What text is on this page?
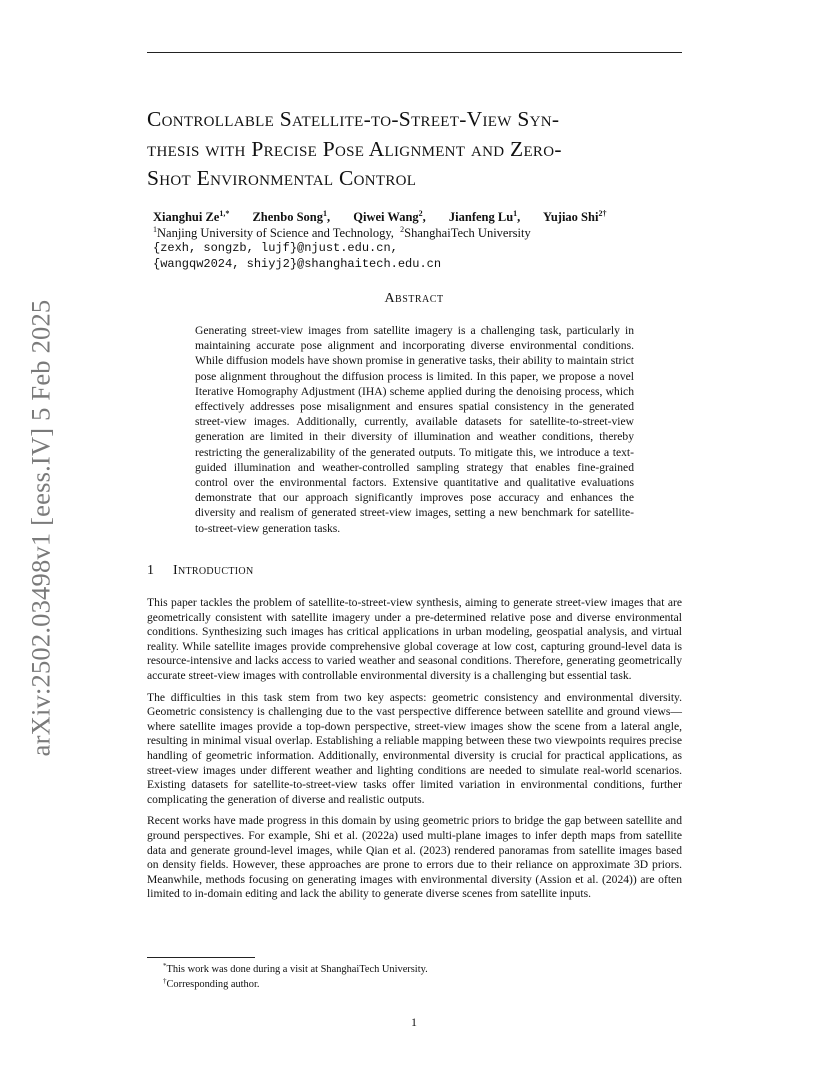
arXiv:2502.03498v1 [eess.IV] 5 Feb 2025
Controllable Satellite-to-Street-View Syn-
thesis with Precise Pose Alignment and Zero-
Shot Environmental Control
Xianghui $Ze^{1,*}$ Zhenbo Song$^1$, Qiwei Wang$^2$, Jianfeng Lu$^1$, Yujiao Shi$^{2\dagger}$
$^1$Nanjing University of Science and Technology, $^2$ShanghaiTech University
{zexh, songzb, lujf}@njust.edu.cn,
{wangqw2024, shiyj2}@shanghaitech.edu.cn
Abstract

Generating street-view images from satellite imagery is a challenging task, particularly in maintaining accurate pose alignment and incorporating diverse environmental conditions. While diffusion models have shown promise in generative tasks, their ability to maintain strict pose alignment throughout the diffusion process is limited. In this paper, we propose a novel Iterative Homography Adjustment (IHA) scheme applied during the denoising process, which effectively addresses pose misalignment and ensures spatial consistency in the generated street-view images. Additionally, currently, available datasets for satellite-to-street-view generation are limited in their diversity of illumination and weather conditions, thereby restricting the generalizability of the generated outputs. To mitigate this, we introduce a text-guided illumination and weather-controlled sampling strategy that enables fine-grained control over the environmental factors. Extensive quantitative and qualitative evaluations demonstrate that our approach significantly improves pose accuracy and enhances the diversity and realism of generated street-view images, setting a new benchmark for satellite-to-street-view generation tasks.

1 Introduction

This paper tackles the problem of satellite-to-street-view synthesis, aiming to generate street-view images that are geometrically consistent with satellite imagery under a pre-determined relative pose and diverse environmental conditions. Synthesizing such images has critical applications in urban modeling, geospatial analysis, and virtual reality. While satellite images provide comprehensive global coverage at low cost, capturing ground-level data is resource-intensive and lacks access to varied weather and seasonal conditions. Therefore, generating geometrically accurate street-view images with controllable environmental diversity is a challenging but essential task.

The difficulties in this task stem from two key aspects: geometric consistency and environmental diversity. Geometric consistency is challenging due to the vast perspective difference between satellite and ground views—where satellite images provide a top-down perspective, street-view images show the scene from a lateral angle, resulting in minimal visual overlap. Establishing a reliable mapping between these two viewpoints requires precise handling of geometric information. Additionally, environmental diversity is crucial for practical applications, as street-view images under different weather and lighting conditions are needed to simulate real-world scenarios. Existing datasets for satellite-to-street-view tasks offer limited variation in environmental conditions, further complicating the generation of diverse and realistic outputs.

Recent works have made progress in this domain by using geometric priors to bridge the gap between satellite and ground perspectives. For example, Shi et al. (2022a) used multi-plane images to infer depth maps from satellite data and generate ground-level images, while Qian et al. (2023) rendered panoramas from satellite images based on density fields. However, these approaches are prone to errors due to their reliance on approximate 3D priors. Meanwhile, methods focusing on generating images with environmental diversity (Assion et al. (2024)) are often limited to in-domain editing and lack the ability to generate diverse scenes from satellite inputs.

*This work was done during a visit at ShanghaiTech University.
†Corresponding author.
1
